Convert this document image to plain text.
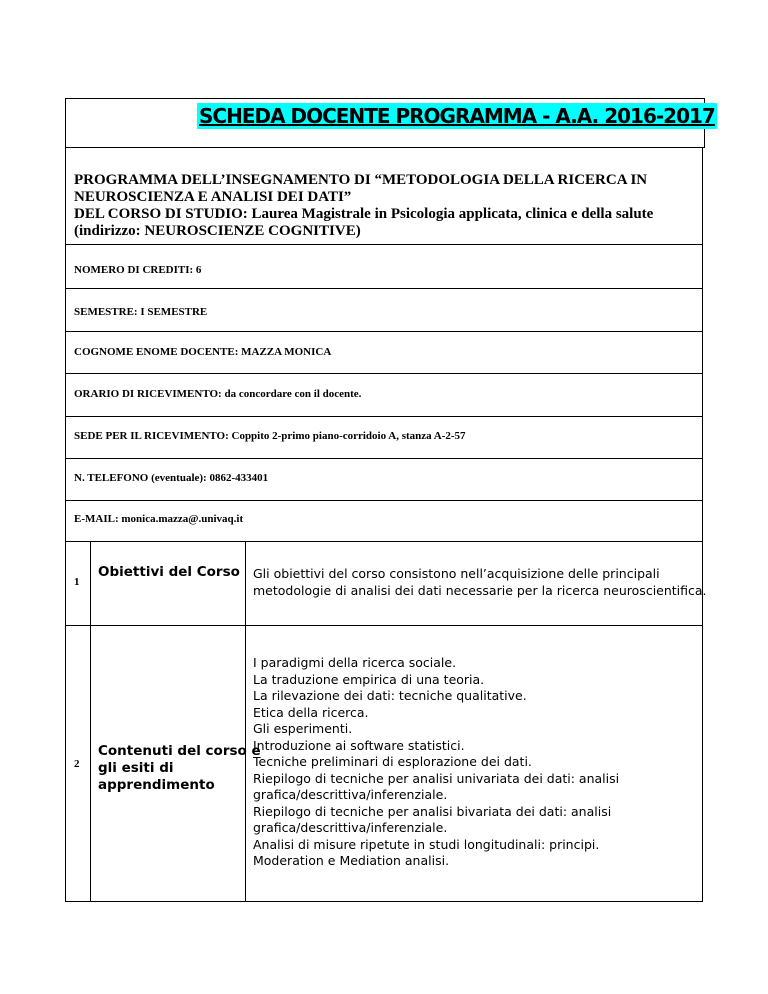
SCHEDA DOCENTE PROGRAMMA - A.A. 2016-2017
PROGRAMMA DELL’INSEGNAMENTO DI “METODOLOGIA DELLA RICERCA IN
NEUROSCIENZA E ANALISI DEI DATI”
DEL CORSO DI STUDIO: Laurea Magistrale in Psicologia applicata, clinica e della salute
(indirizzo: NEUROSCIENZE COGNITIVE)
NOMERO DI CREDITI: 6
SEMESTRE: I SEMESTRE
COGNOME ENOME DOCENTE: MAZZA MONICA
ORARIO DI RICEVIMENTO: da concordare con il docente.
SEDE PER IL RICEVIMENTO: Coppito 2-primo piano-corridoio A, stanza A-2-57
N. TELEFONO (eventuale): 0862-433401
E-MAIL: monica.mazza@.univaq.it
1
Obiettivi del Corso Gli obiettivi del corso consistono nell’acquisizione delle principali
metodologie di analisi dei dati necessarie per la ricerca neuroscientifica.
2
Contenuti del corso e
gli esiti di
apprendimento
I paradigmi della ricerca sociale.
La traduzione empirica di una teoria.
La rilevazione dei dati: tecniche qualitative.
Etica della ricerca.
Gli esperimenti.
Introduzione ai software statistici.
Tecniche preliminari di esplorazione dei dati.
Riepilogo di tecniche per analisi univariata dei dati: analisi
grafica/descrittiva/inferenziale.
Riepilogo di tecniche per analisi bivariata dei dati: analisi
grafica/descrittiva/inferenziale.
Analisi di misure ripetute in studi longitudinali: principi.
Moderation e Mediation analisi.
